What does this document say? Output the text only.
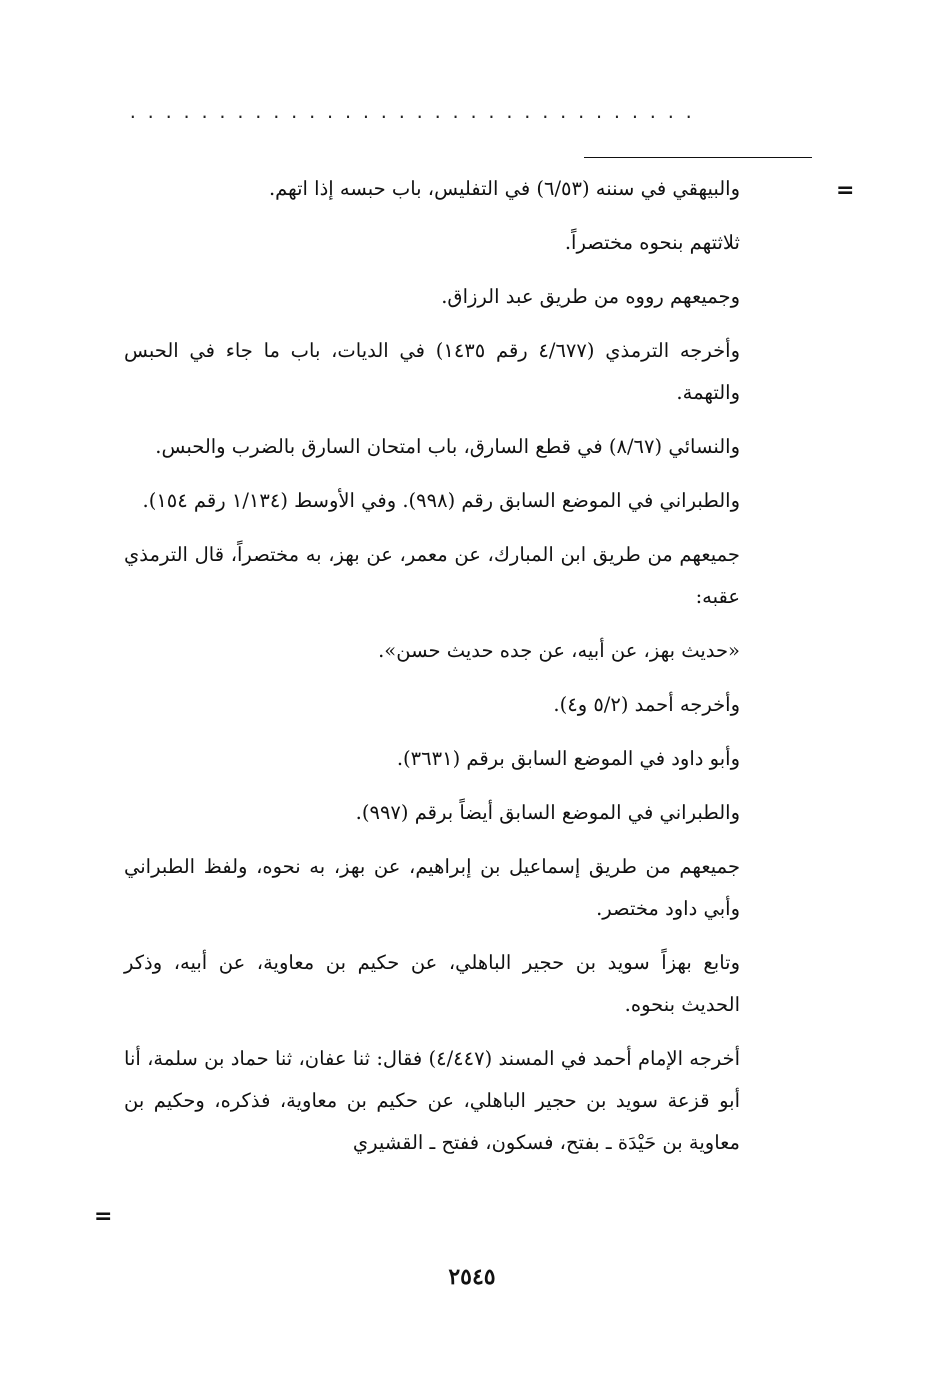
................................
=

والبيهقي في سننه (٦/٥٣) في التفليس، باب حبسه إذا اتهم.

ثلاثتهم بنحوه مختصراً.

وجميعهم رووه من طريق عبد الرزاق.

وأخرجه الترمذي (٤/٦٧٧ رقم ١٤٣٥) في الديات، باب ما جاء في الحبس والتهمة.

والنسائي (٨/٦٧) في قطع السارق، باب امتحان السارق بالضرب والحبس.

والطبراني في الموضع السابق رقم (٩٩٨). وفي الأوسط (١/١٣٤ رقم ١٥٤).

جميعهم من طريق ابن المبارك، عن معمر، عن بهز، به مختصراً، قال الترمذي عقبه:

«حديث بهز، عن أبيه، عن جده حديث حسن».

وأخرجه أحمد (٥/٢ و٤).

وأبو داود في الموضع السابق برقم (٣٦٣١).

والطبراني في الموضع السابق أيضاً برقم (٩٩٧).

جميعهم من طريق إسماعيل بن إبراهيم، عن بهز، به نحوه، ولفظ الطبراني وأبي داود مختصر.

وتابع بهزاً سويد بن حجير الباهلي، عن حكيم بن معاوية، عن أبيه، وذكر الحديث بنحوه.

أخرجه الإمام أحمد في المسند (٤/٤٤٧) فقال: ثنا عفان، ثنا حماد بن سلمة، أنا أبو قزعة سويد بن حجير الباهلي، عن حكيم بن معاوية، فذكره، وحكيم بن معاوية بن حَيْدَة ـ بفتح، فسكون، ففتح ـ القشيري

=
٢٥٤٥
